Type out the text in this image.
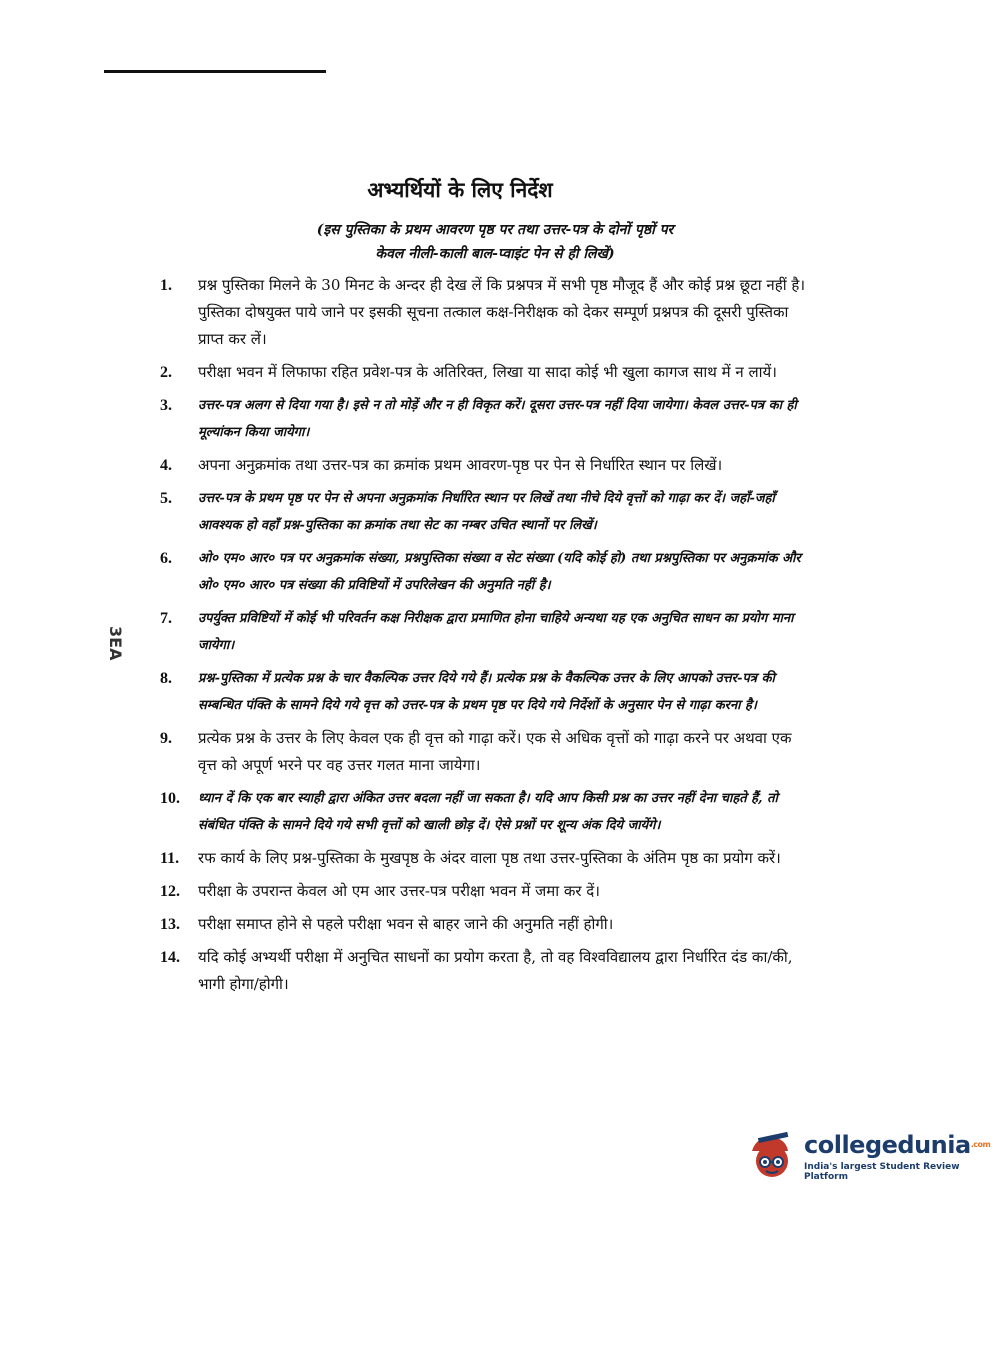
अभ्यर्थियों के लिए निर्देश
(इस पुस्तिका के प्रथम आवरण पृष्ठ पर तथा उत्तर-पत्र के दोनों पृष्ठों पर
केवल नीली-काली बाल-प्वाइंट पेन से ही लिखें)
1.	प्रश्न पुस्तिका मिलने के 30 मिनट के अन्दर ही देख लें कि प्रश्नपत्र में सभी पृष्ठ मौजूद हैं और कोई प्रश्न छूटा नहीं है। पुस्तिका दोषयुक्त पाये जाने पर इसकी सूचना तत्काल कक्ष-निरीक्षक को देकर सम्पूर्ण प्रश्नपत्र की दूसरी पुस्तिका प्राप्त कर लें।
2.	परीक्षा भवन में लिफाफा रहित प्रवेश-पत्र के अतिरिक्त, लिखा या सादा कोई भी खुला कागज साथ में न लायें।
3.	उत्तर-पत्र अलग से दिया गया है। इसे न तो मोड़ें और न ही विकृत करें। दूसरा उत्तर-पत्र नहीं दिया जायेगा। केवल उत्तर-पत्र का ही मूल्यांकन किया जायेगा।
4.	अपना अनुक्रमांक तथा उत्तर-पत्र का क्रमांक प्रथम आवरण-पृष्ठ पर पेन से निर्धारित स्थान पर लिखें।
5.	उत्तर-पत्र के प्रथम पृष्ठ पर पेन से अपना अनुक्रमांक निर्धारित स्थान पर लिखें तथा नीचे दिये वृत्तों को गाढ़ा कर दें। जहाँ-जहाँ आवश्यक हो वहाँ प्रश्न-पुस्तिका का क्रमांक तथा सेट का नम्बर उचित स्थानों पर लिखें।
6.	ओ० एम० आर० पत्र पर अनुक्रमांक संख्या, प्रश्नपुस्तिका संख्या व सेट संख्या (यदि कोई हो) तथा प्रश्नपुस्तिका पर अनुक्रमांक और ओ० एम० आर० पत्र संख्या की प्रविष्टियों में उपरिलेखन की अनुमति नहीं है।
7.	उपर्युक्त प्रविष्टियों में कोई भी परिवर्तन कक्ष निरीक्षक द्वारा प्रमाणित होना चाहिये अन्यथा यह एक अनुचित साधन का प्रयोग माना जायेगा।
8.	प्रश्न-पुस्तिका में प्रत्येक प्रश्न के चार वैकल्पिक उत्तर दिये गये हैं। प्रत्येक प्रश्न के वैकल्पिक उत्तर के लिए आपको उत्तर-पत्र की सम्बन्धित पंक्ति के सामने दिये गये वृत्त को उत्तर-पत्र के प्रथम पृष्ठ पर दिये गये निर्देशों के अनुसार पेन से गाढ़ा करना है।
9.	प्रत्येक प्रश्न के उत्तर के लिए केवल एक ही वृत्त को गाढ़ा करें। एक से अधिक वृत्तों को गाढ़ा करने पर अथवा एक वृत्त को अपूर्ण भरने पर वह उत्तर गलत माना जायेगा।
10.	ध्यान दें कि एक बार स्याही द्वारा अंकित उत्तर बदला नहीं जा सकता है। यदि आप किसी प्रश्न का उत्तर नहीं देना चाहते हैं, तो संबंधित पंक्ति के सामने दिये गये सभी वृत्तों को खाली छोड़ दें। ऐसे प्रश्नों पर शून्य अंक दिये जायेंगे।
11.	रफ कार्य के लिए प्रश्न-पुस्तिका के मुखपृष्ठ के अंदर वाला पृष्ठ तथा उत्तर-पुस्तिका के अंतिम पृष्ठ का प्रयोग करें।
12.	परीक्षा के उपरान्त केवल ओ एम आर उत्तर-पत्र परीक्षा भवन में जमा कर दें।
13.	परीक्षा समाप्त होने से पहले परीक्षा भवन से बाहर जाने की अनुमति नहीं होगी।
14.	यदि कोई अभ्यर्थी परीक्षा में अनुचित साधनों का प्रयोग करता है, तो वह विश्वविद्यालय द्वारा निर्धारित दंड का/की, भागी होगा/होगी।
3EA
collegedunia$^{.com}$
India's largest Student Review Platform
